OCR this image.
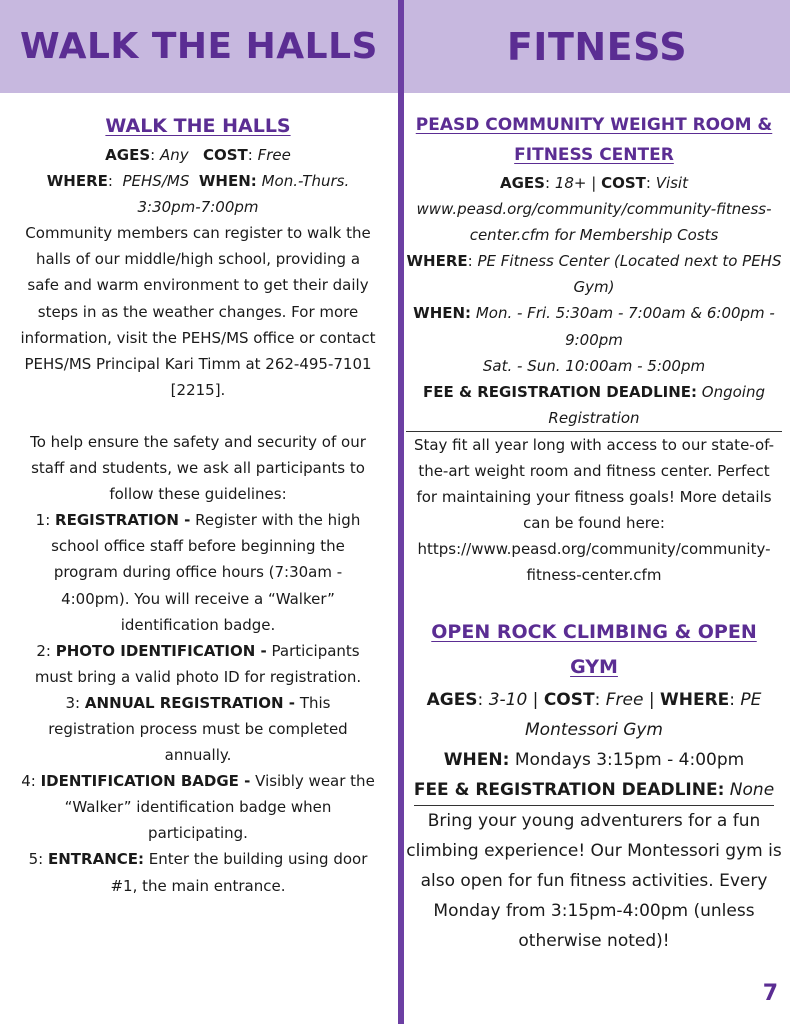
WALK THE HALLS	FITNESS
WALK THE HALLS
AGES: Any COST: Free
WHERE:  PEHS/MS WHEN: Mon.-Thurs. 3:30pm-7:00pm
Community members can register to walk the halls of our middle/high school, providing a safe and warm environment to get their daily steps in as the weather changes. For more information, visit the PEHS/MS office or contact PEHS/MS Principal Kari Timm at 262-495-7101 [2215].
To help ensure the safety and security of our staff and students, we ask all participants to follow these guidelines:
1: REGISTRATION - Register with the high school office staff before beginning the program during office hours (7:30am - 4:00pm). You will receive a “Walker” identification badge.
2: PHOTO IDENTIFICATION - Participants must bring a valid photo ID for registration.
3: ANNUAL REGISTRATION - This registration process must be completed annually.
4: IDENTIFICATION BADGE - Visibly wear the “Walker” identification badge when participating.
5: ENTRANCE: Enter the building using door #1, the main entrance.
PEASD COMMUNITY WEIGHT ROOM & FITNESS CENTER
AGES: 18+ | COST: Visit www.peasd.org/community/community-fitness-center.cfm for Membership Costs
WHERE: PE Fitness Center (Located next to PEHS Gym)
WHEN: Mon. - Fri. 5:30am - 7:00am & 6:00pm - 9:00pm
Sat. - Sun. 10:00am - 5:00pm
FEE & REGISTRATION DEADLINE: Ongoing Registration
Stay fit all year long with access to our state-of-the-art weight room and fitness center. Perfect for maintaining your fitness goals! More details can be found here: https://www.peasd.org/community/community-fitness-center.cfm
OPEN ROCK CLIMBING & OPEN GYM
AGES: 3-10 | COST: Free | WHERE: PE Montessori Gym
WHEN: Mondays 3:15pm - 4:00pm
FEE & REGISTRATION DEADLINE: None
Bring your young adventurers for a fun climbing experience! Our Montessori gym is also open for fun fitness activities. Every Monday from 3:15pm-4:00pm (unless otherwise noted)!
7
